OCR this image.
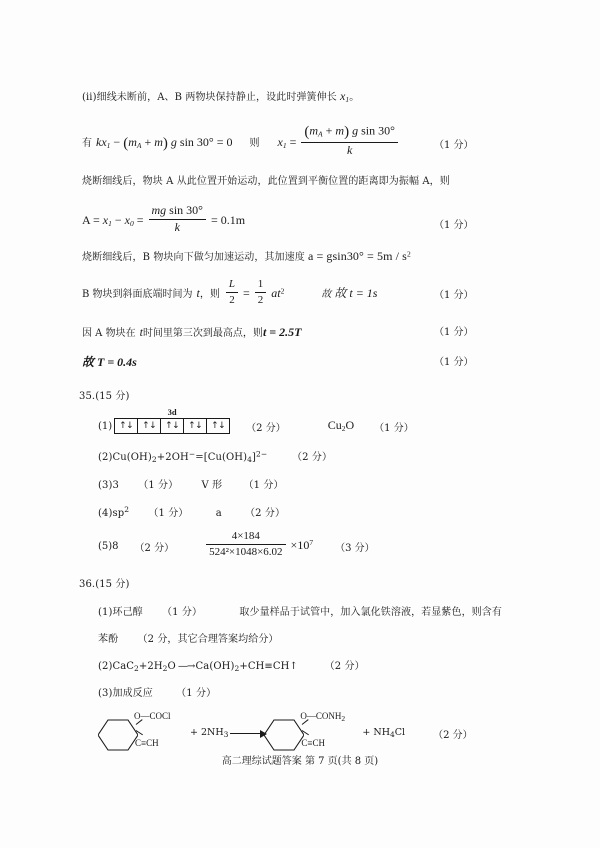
(ii)细线未断前，A、B 两物块保持静止，设此时弹簧伸长 $x_1$。
有 $kx_1 - (m_A + m)$ g sin 30° = 0 则 $x_1 = \frac{(m_A + m) g \sin 30^\circ}{k}$	（1 分）
烧断细线后，物块 A 从此位置开始运动，此位置到平衡位置的距离即为振幅 A，则
$A = x_1 - x_0 = \frac{\text{mg sin 30°}}{k} = 0.1m$	（1 分）
烧断细线后，B 物块向下做匀加速运动，其加速度 $a = gsin30^\circ = 5m / s^2$
B 物块到斜面底端时间为 t，则 $\frac{L}{2} = \frac{1}{2} at^2$	故 故 t = 1s	（1 分）
因 A 物块在 t时间里第三次到最高点，则t = 2.5T	（1 分）
故 T = 0.4s	（1 分）
35.(15 分)
(1)
3d
↑↓ ↑↓ ↑↓ ↑↓ ↑↓	（2 分）	$Cu_2O$ （1 分）
$(2)Cu(OH)_2+2OH^-=[Cu(OH)_4]^{2-}$ （2 分）
(3)3 （1 分） V 形 （1 分）
$(4)sp^2$ （1 分）	a （2 分）
(5)8 （2 分）	$\frac{4\times 184}{\text{524²×1048×6.02}} \times 10^7$ （3 分）
36.(15 分)
(1)环己醇 （1 分）	取少量样品于试管中，加入氯化铁溶液，若显紫色，则含有
苯酚 （2 分，其它合理答案均给分）
$(2)CaC_2+2H_2O$ $—\to Ca(OH)_2+CH\equiv CH↑$	（2 分）
(3)加成反应 （1 分）
O—COCl
C≡CH
+ $2NH_3$
$O—CONH_2$
C≡CH
+ $NH_4Cl$	（2 分）
高二理综试题答案 第 7 页(共 8 页)
